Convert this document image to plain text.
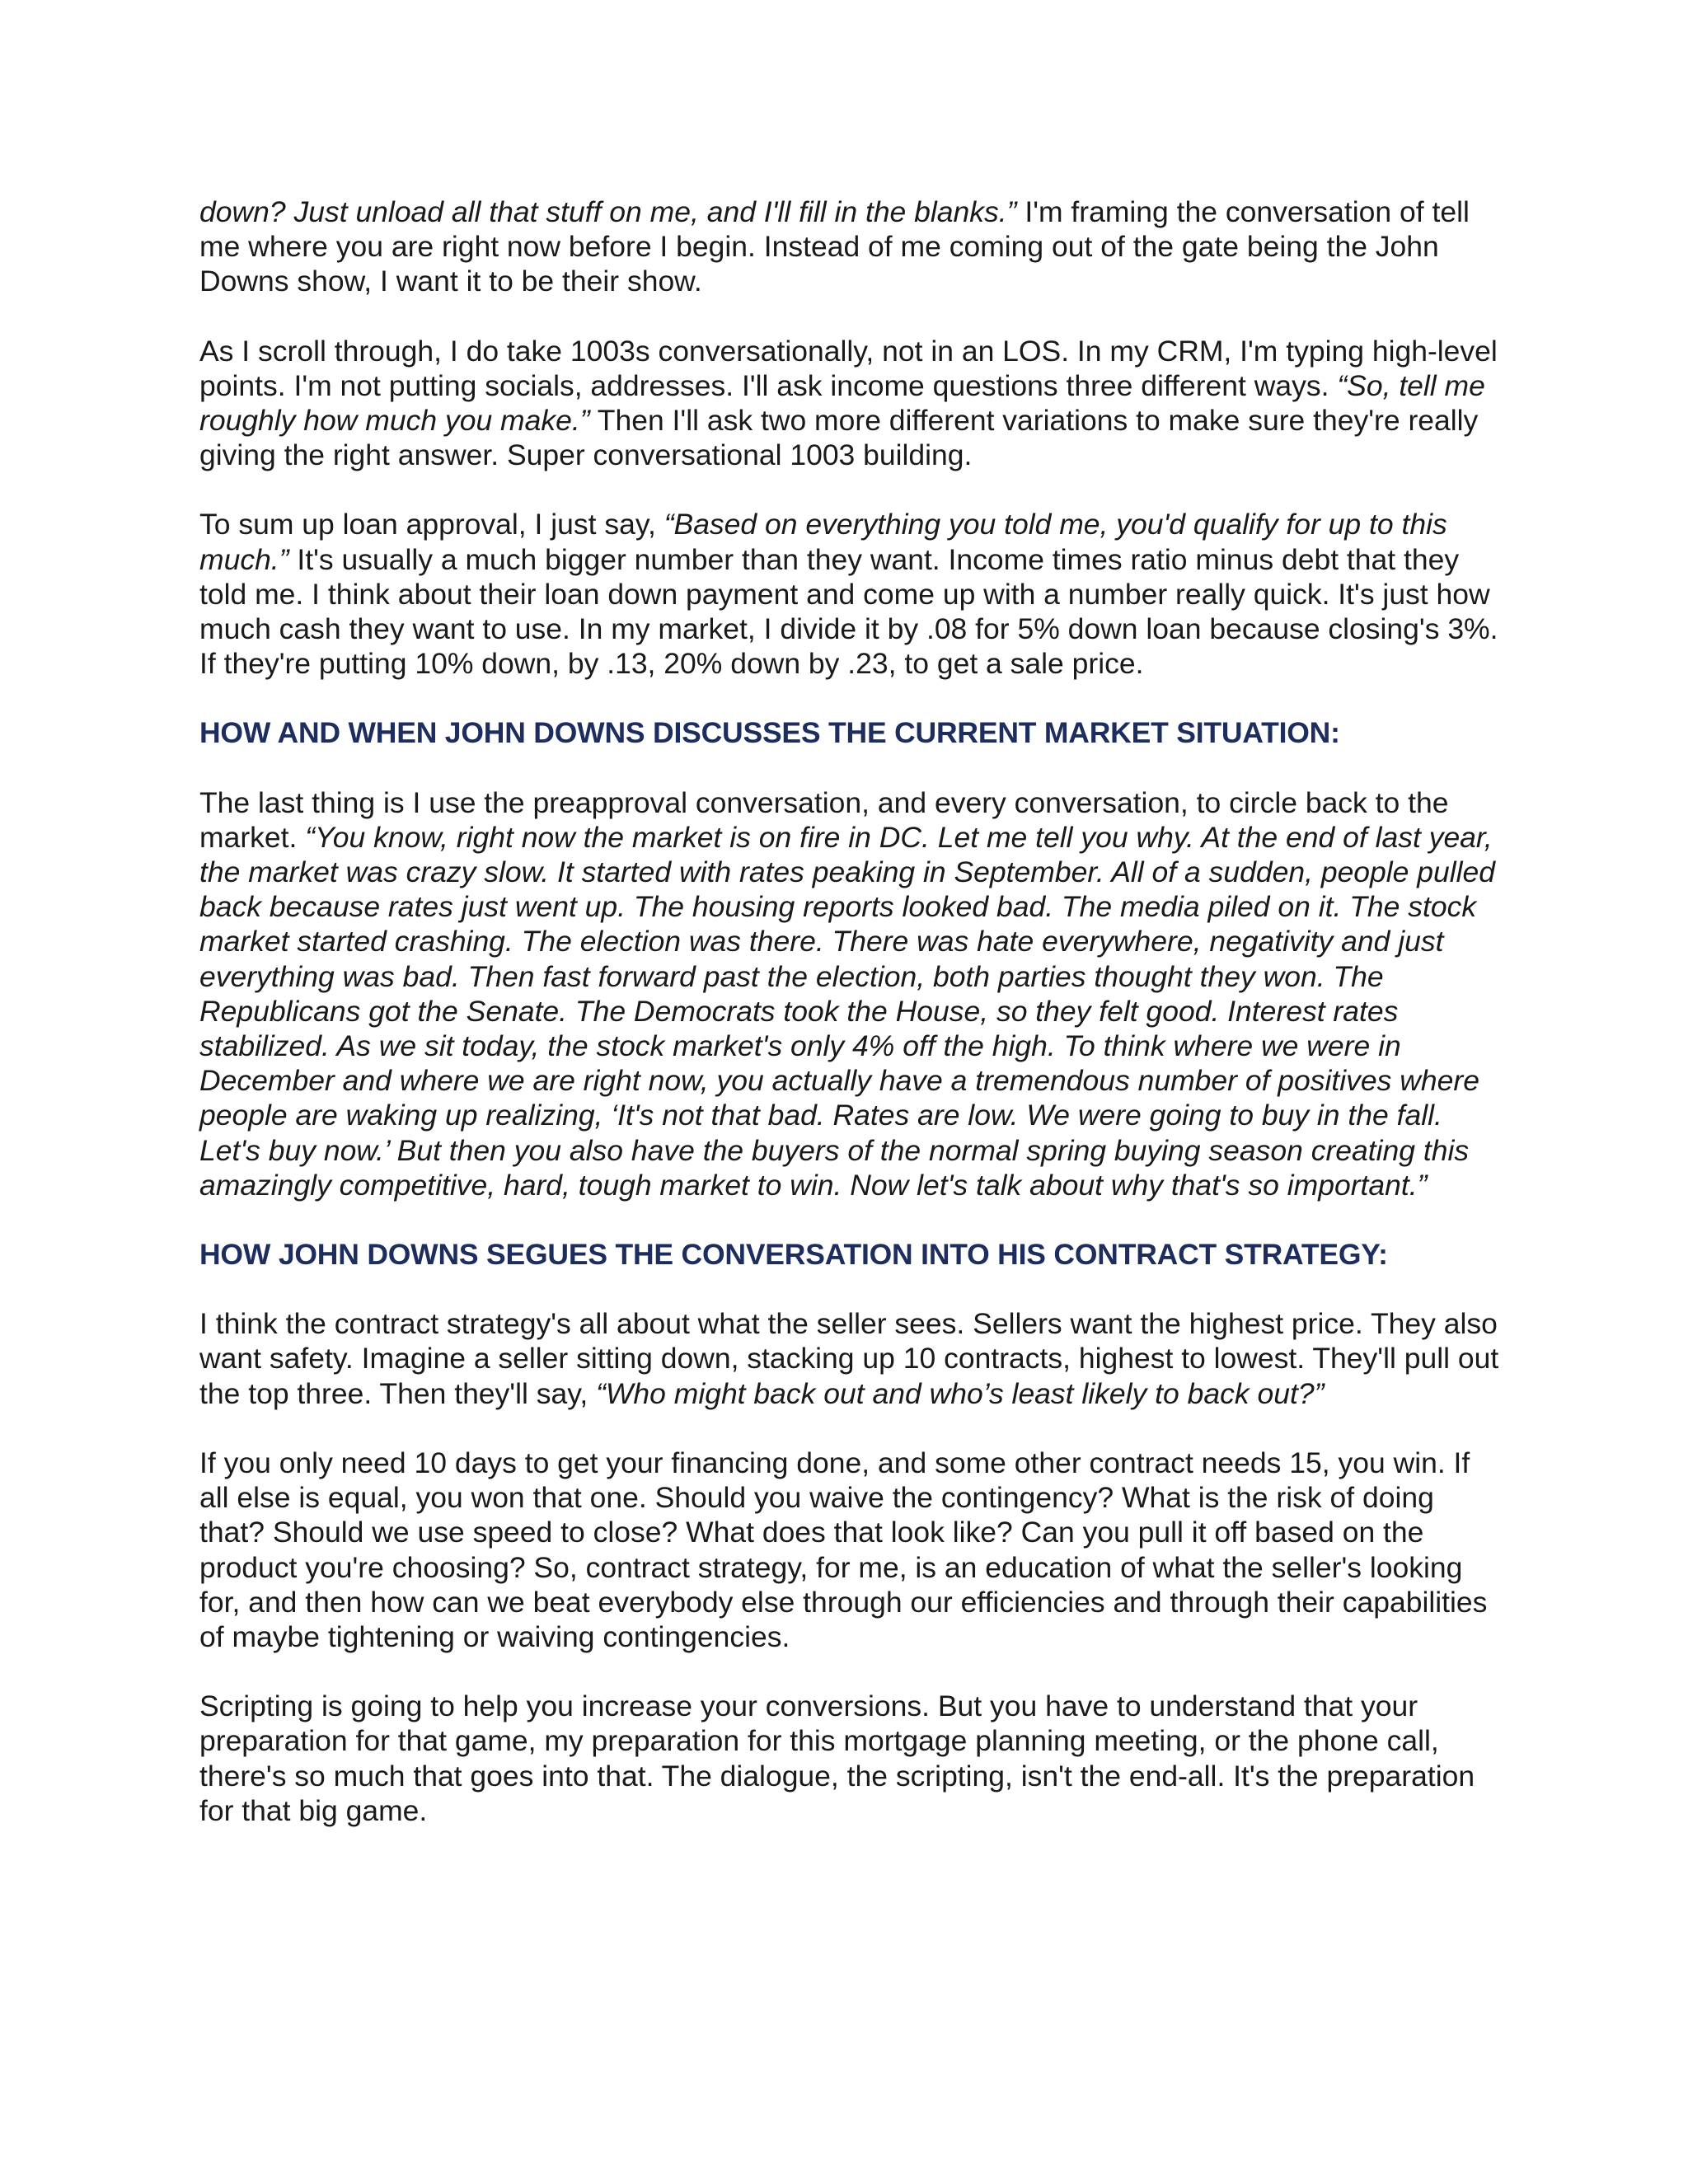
down? Just unload all that stuff on me, and I'll fill in the blanks.” I'm framing the conversation of tell me where you are right now before I begin. Instead of me coming out of the gate being the John Downs show, I want it to be their show.

As I scroll through, I do take 1003s conversationally, not in an LOS. In my CRM, I'm typing high-level points. I'm not putting socials, addresses. I'll ask income questions three different ways. “So, tell me roughly how much you make.” Then I'll ask two more different variations to make sure they're really giving the right answer. Super conversational 1003 building.

To sum up loan approval, I just say, “Based on everything you told me, you'd qualify for up to this much.” It's usually a much bigger number than they want. Income times ratio minus debt that they told me. I think about their loan down payment and come up with a number really quick. It's just how much cash they want to use. In my market, I divide it by .08 for 5% down loan because closing's 3%. If they're putting 10% down, by .13, 20% down by .23, to get a sale price.

HOW AND WHEN JOHN DOWNS DISCUSSES THE CURRENT MARKET SITUATION:

The last thing is I use the preapproval conversation, and every conversation, to circle back to the market. “You know, right now the market is on fire in DC. Let me tell you why. At the end of last year, the market was crazy slow. It started with rates peaking in September. All of a sudden, people pulled back because rates just went up. The housing reports looked bad. The media piled on it. The stock market started crashing. The election was there. There was hate everywhere, negativity and just everything was bad. Then fast forward past the election, both parties thought they won. The Republicans got the Senate. The Democrats took the House, so they felt good. Interest rates stabilized. As we sit today, the stock market's only 4% off the high. To think where we were in December and where we are right now, you actually have a tremendous number of positives where people are waking up realizing, ‘It's not that bad. Rates are low. We were going to buy in the fall. Let's buy now.’ But then you also have the buyers of the normal spring buying season creating this amazingly competitive, hard, tough market to win. Now let's talk about why that's so important.”

HOW JOHN DOWNS SEGUES THE CONVERSATION INTO HIS CONTRACT STRATEGY:

I think the contract strategy's all about what the seller sees. Sellers want the highest price. They also want safety. Imagine a seller sitting down, stacking up 10 contracts, highest to lowest. They'll pull out the top three. Then they'll say, “Who might back out and who’s least likely to back out?”

If you only need 10 days to get your financing done, and some other contract needs 15, you win. If all else is equal, you won that one. Should you waive the contingency? What is the risk of doing that? Should we use speed to close? What does that look like? Can you pull it off based on the product you're choosing? So, contract strategy, for me, is an education of what the seller's looking for, and then how can we beat everybody else through our efficiencies and through their capabilities of maybe tightening or waiving contingencies.

Scripting is going to help you increase your conversions. But you have to understand that your preparation for that game, my preparation for this mortgage planning meeting, or the phone call, there's so much that goes into that. The dialogue, the scripting, isn't the end-all. It's the preparation for that big game.
